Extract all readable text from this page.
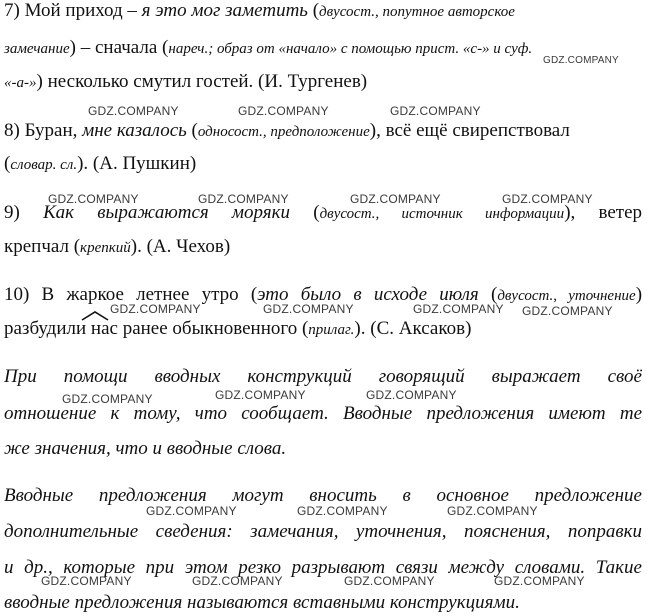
7) Мой приход – я это мог заметить (двусост., попутное авторское
замечание) – сначала (нареч.; образ от «начало» с помощью прист. «с-» и суф.
«-а-») несколько смутил гостей. (И. Тургенев)
8) Буран, мне казалось (односост., предположение), всё ещё свирепствовал
(словар. сл.). (А. Пушкин)
9) Как выражаются моряки (двусост., источник информации), ветер
крепчал (крепкий). (А. Чехов)
10) В жаркое летнее утро (это было в исходе июля (двусост., уточнение)
разбудили нас ранее обыкновенного (прилаг.). (С. Аксаков)
При помощи вводных конструкций говорящий выражает своё
отношение к тому, что сообщает. Вводные предложения имеют те
же значения, что и вводные слова.
Вводные предложения могут вносить в основное предложение
дополнительные сведения: замечания, уточнения, пояснения, поправки
и др., которые при этом резко разрывают связи между словами. Такие
вводные предложения называются вставными конструкциями.
GDZ.COMPANY
GDZ.COMPANY	GDZ.COMPANY	GDZ.COMPANY
GDZ.COMPANY	GDZ.COMPANY	GDZ.COMPANY	GDZ.COMPANY
GDZ.COMPANY	GDZ.COMPANY	GDZ.COMPANY GDZ.COMPANY
GDZ.COMPANY	GDZ.COMPANY	GDZ.COMPANY
GDZ.COMPANY	GDZ.COMPANY	GDZ.COMPANY
GDZ.COMPANY	GDZ.COMPANY	GDZ.COMPANY	GDZ.COMPANY
